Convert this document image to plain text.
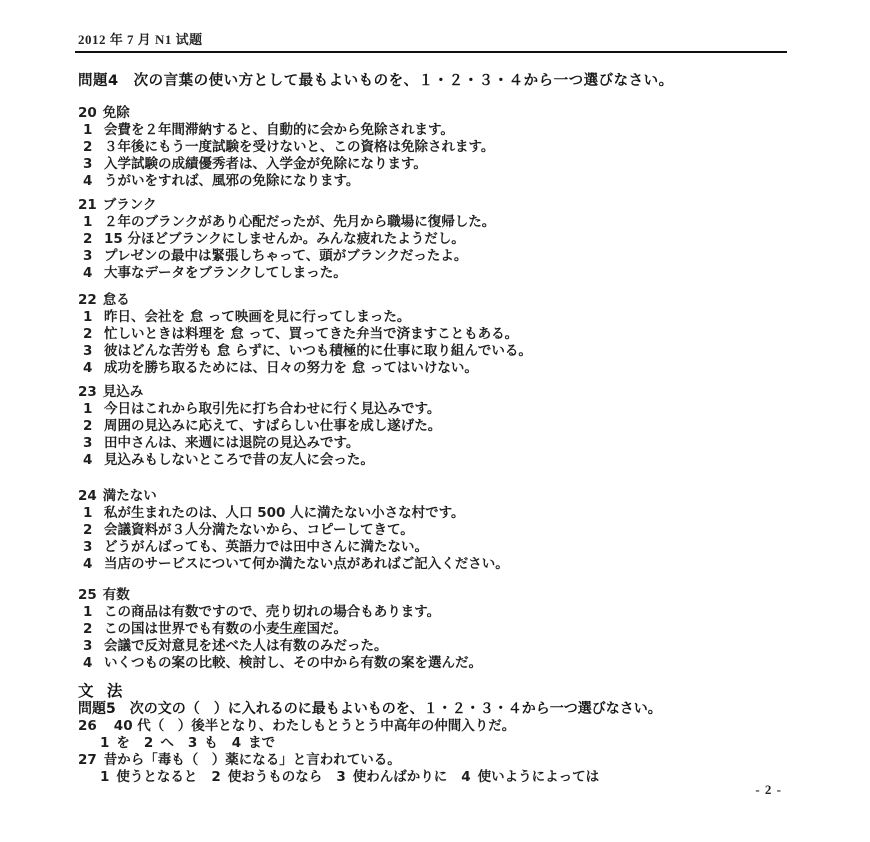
2012 年 7 月 N1 试题
問題4　次の言葉の使い方として最もよいものを、１・２・３・４から一つ選びなさい。
20 免除
1 会費を２年間滞納すると、自動的に会から免除されます。
2 ３年後にもう一度試験を受けないと、この資格は免除されます。
3 入学試験の成績優秀者は、入学金が免除になります。
4 うがいをすれば、風邪の免除になります。
21 ブランク
1 ２年のブランクがあり心配だったが、先月から職場に復帰した。
2 15 分ほどブランクにしませんか。みんな疲れたようだし。
3 プレゼンの最中は緊張しちゃって、頭がブランクだったよ。
4 大事なデータをブランクしてしまった。
22 怠る
1 昨日、会社を 怠 って映画を見に行ってしまった。
2 忙しいときは料理を 怠 って、買ってきた弁当で済ますこともある。
3 彼はどんな苦労も 怠 らずに、いつも積極的に仕事に取り組んでいる。
4 成功を勝ち取るためには、日々の努力を 怠 ってはいけない。
23 見込み
1 今日はこれから取引先に打ち合わせに行く見込みです。
2 周囲の見込みに応えて、すばらしい仕事を成し遂げた。
3 田中さんは、来週には退院の見込みです。
4 見込みもしないところで昔の友人に会った。
24 満たない
1 私が生まれたのは、人口 500 人に満たない小さな村です。
2 会議資料が３人分満たないから、コピーしてきて。
3 どうがんばっても、英語力では田中さんに満たない。
4 当店のサービスについて何か満たない点があればご記入ください。
25 有数
1 この商品は有数ですので、売り切れの場合もあります。
2 この国は世界でも有数の小麦生産国だ。
3 会議で反対意見を述べた人は有数のみだった。
4 いくつもの案の比較、検討し、その中から有数の案を選んだ。
文 法
問題5　次の文の（　）に入れるのに最もよいものを、１・２・３・４から一つ選びなさい。
26 40 代（　）後半となり、わたしもとうとう中高年の仲間入りだ。
1 を 2 へ 3 も 4 まで
27 昔から「毒も（　）薬になる」と言われている。
1 使うとなると 2 使おうものなら 3 使わんばかりに 4 使いようによっては
- 2 -
